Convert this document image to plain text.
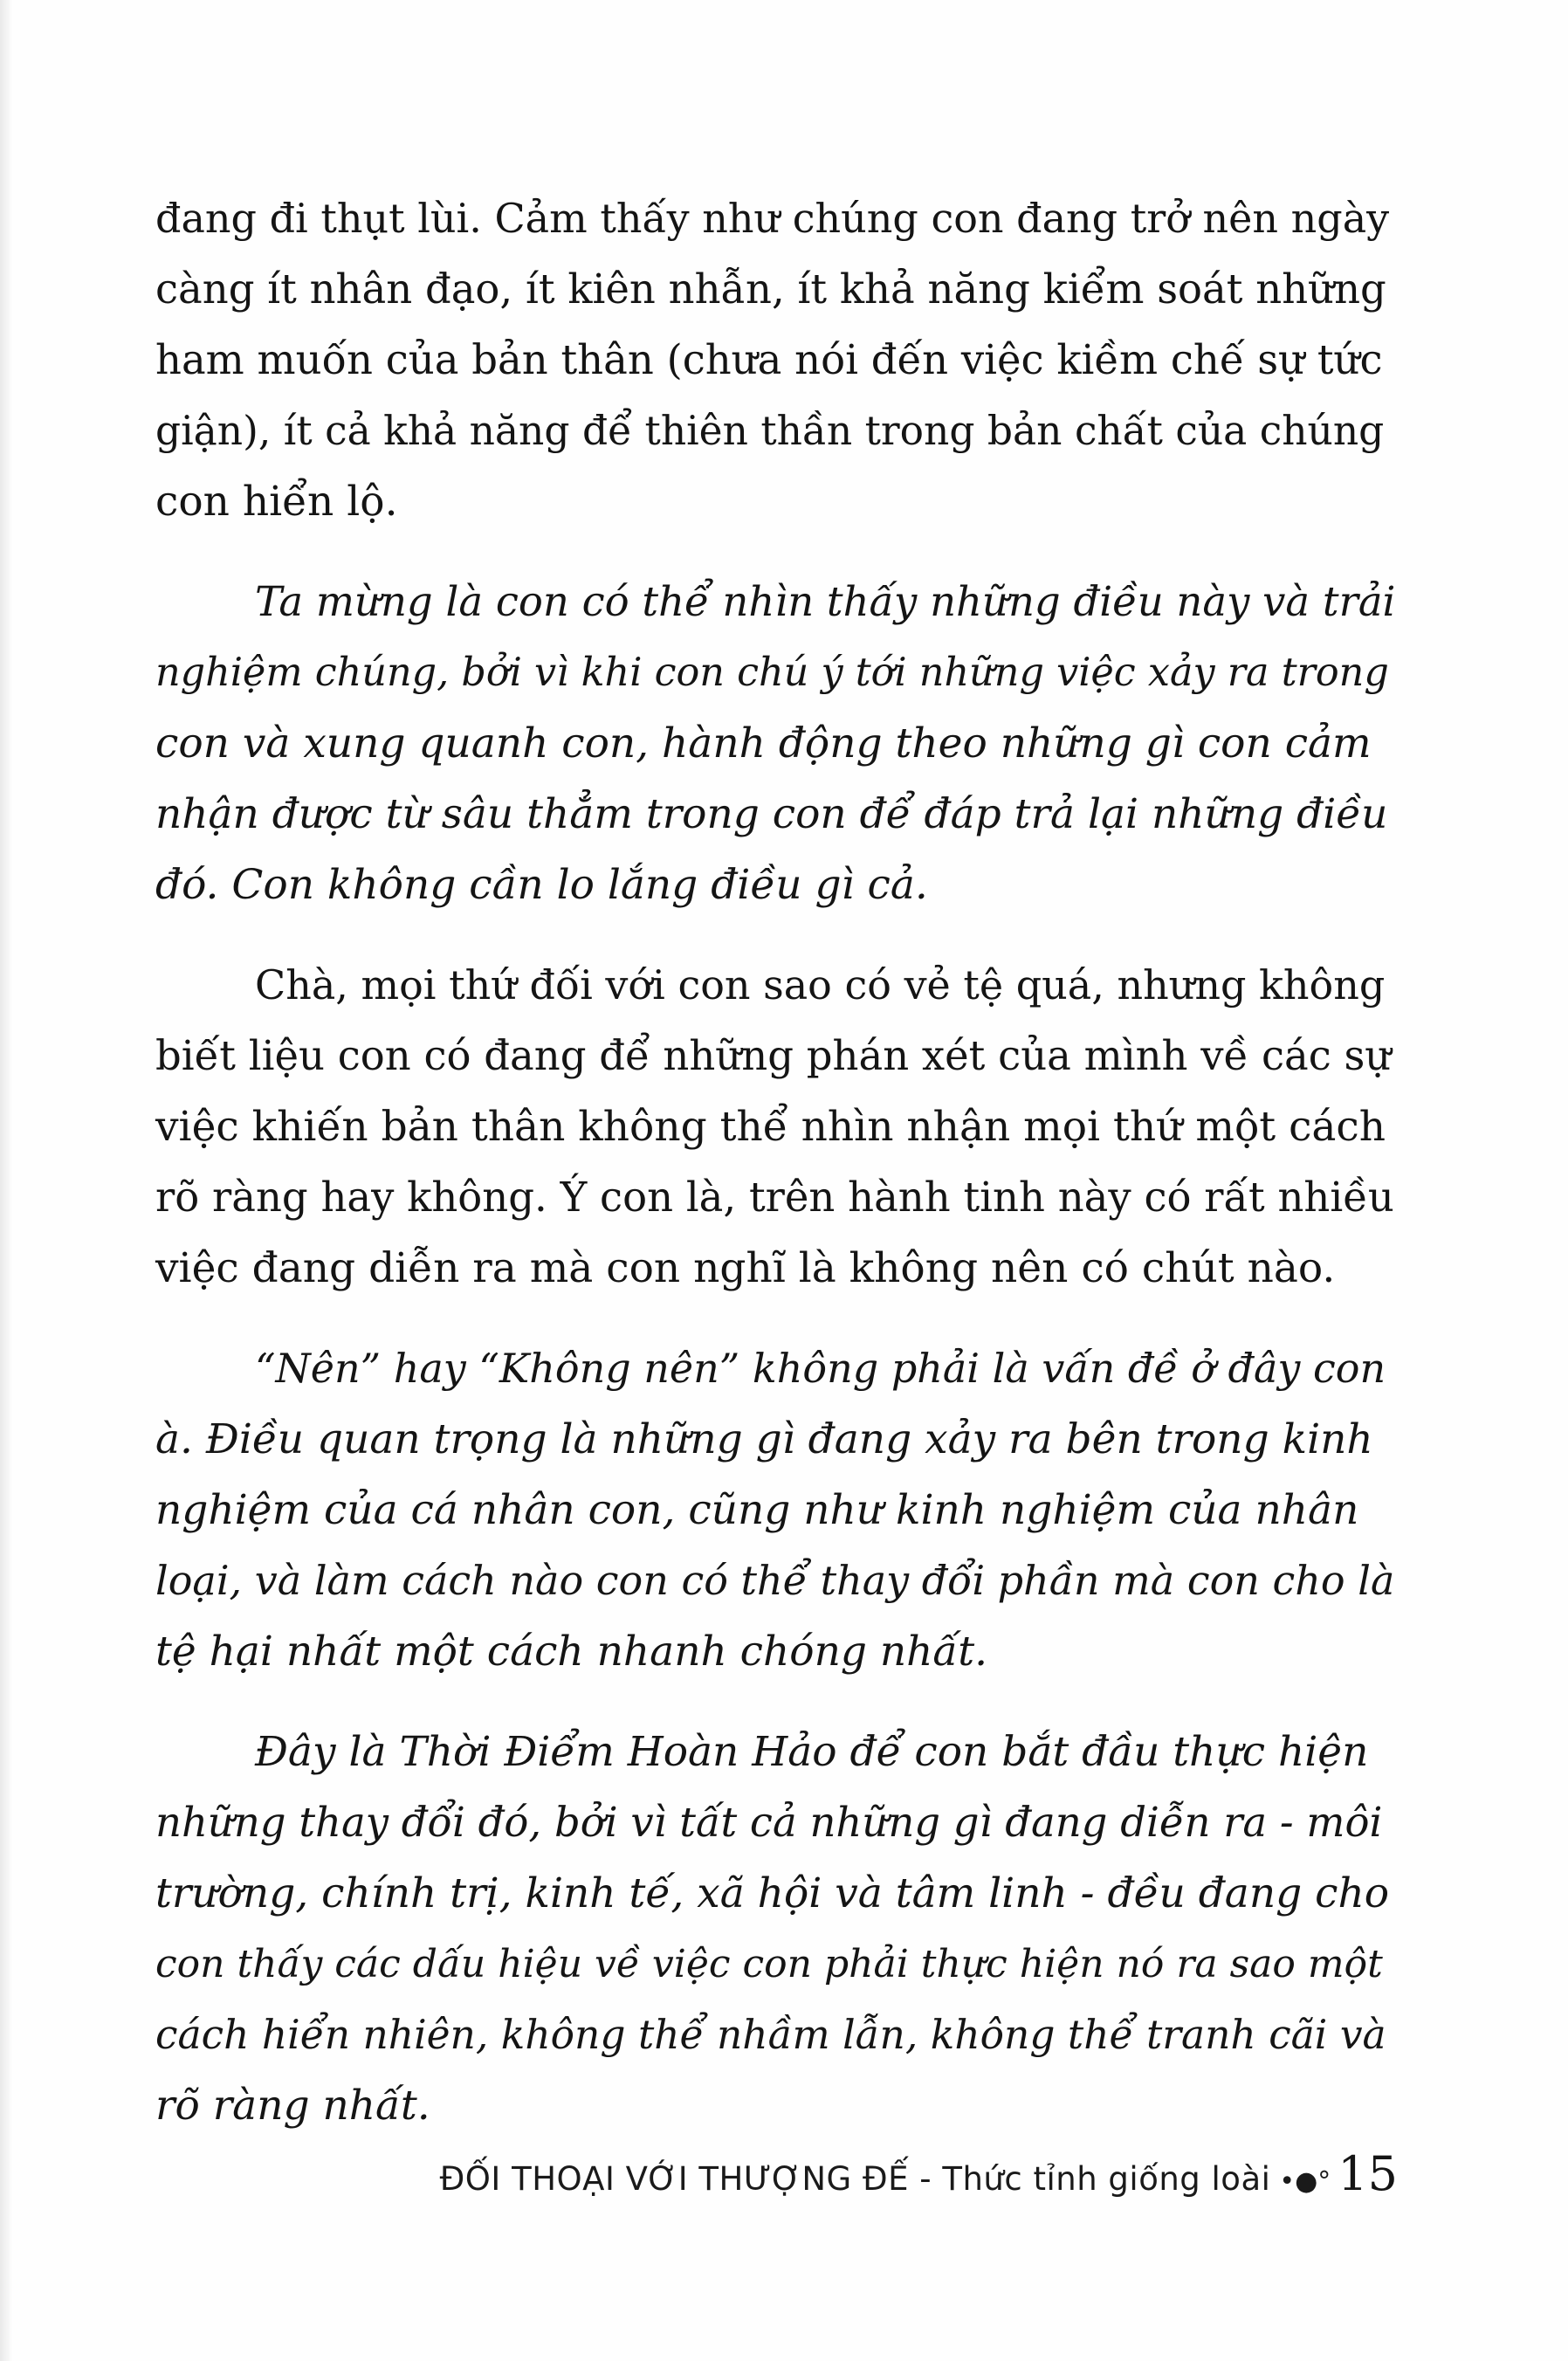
đang đi thụt lùi. Cảm thấy như chúng con đang trở nên ngày
càng ít nhân đạo, ít kiên nhẫn, ít khả năng kiểm soát những
ham muốn của bản thân (chưa nói đến việc kiềm chế sự tức
giận), ít cả khả năng để thiên thần trong bản chất của chúng
con hiển lộ.

Ta mừng là con có thể nhìn thấy những điều này và trải
nghiệm chúng, bởi vì khi con chú ý tới những việc xảy ra trong
con và xung quanh con, hành động theo những gì con cảm
nhận được từ sâu thẳm trong con để đáp trả lại những điều
đó. Con không cần lo lắng điều gì cả.

Chà, mọi thứ đối với con sao có vẻ tệ quá, nhưng không
biết liệu con có đang để những phán xét của mình về các sự
việc khiến bản thân không thể nhìn nhận mọi thứ một cách
rõ ràng hay không. Ý con là, trên hành tinh này có rất nhiều
việc đang diễn ra mà con nghĩ là không nên có chút nào.

“Nên” hay “Không nên” không phải là vấn đề ở đây con
à. Điều quan trọng là những gì đang xảy ra bên trong kinh
nghiệm của cá nhân con, cũng như kinh nghiệm của nhân
loại, và làm cách nào con có thể thay đổi phần mà con cho là
tệ hại nhất một cách nhanh chóng nhất.

Đây là Thời Điểm Hoàn Hảo để con bắt đầu thực hiện
những thay đổi đó, bởi vì tất cả những gì đang diễn ra - môi
trường, chính trị, kinh tế, xã hội và tâm linh - đều đang cho
con thấy các dấu hiệu về việc con phải thực hiện nó ra sao một
cách hiển nhiên, không thể nhầm lẫn, không thể tranh cãi và
rõ ràng nhất.

ĐỐI THOẠI VỚI THƯỢNG ĐẾ - Thức tỉnh giống loài •●° 15
